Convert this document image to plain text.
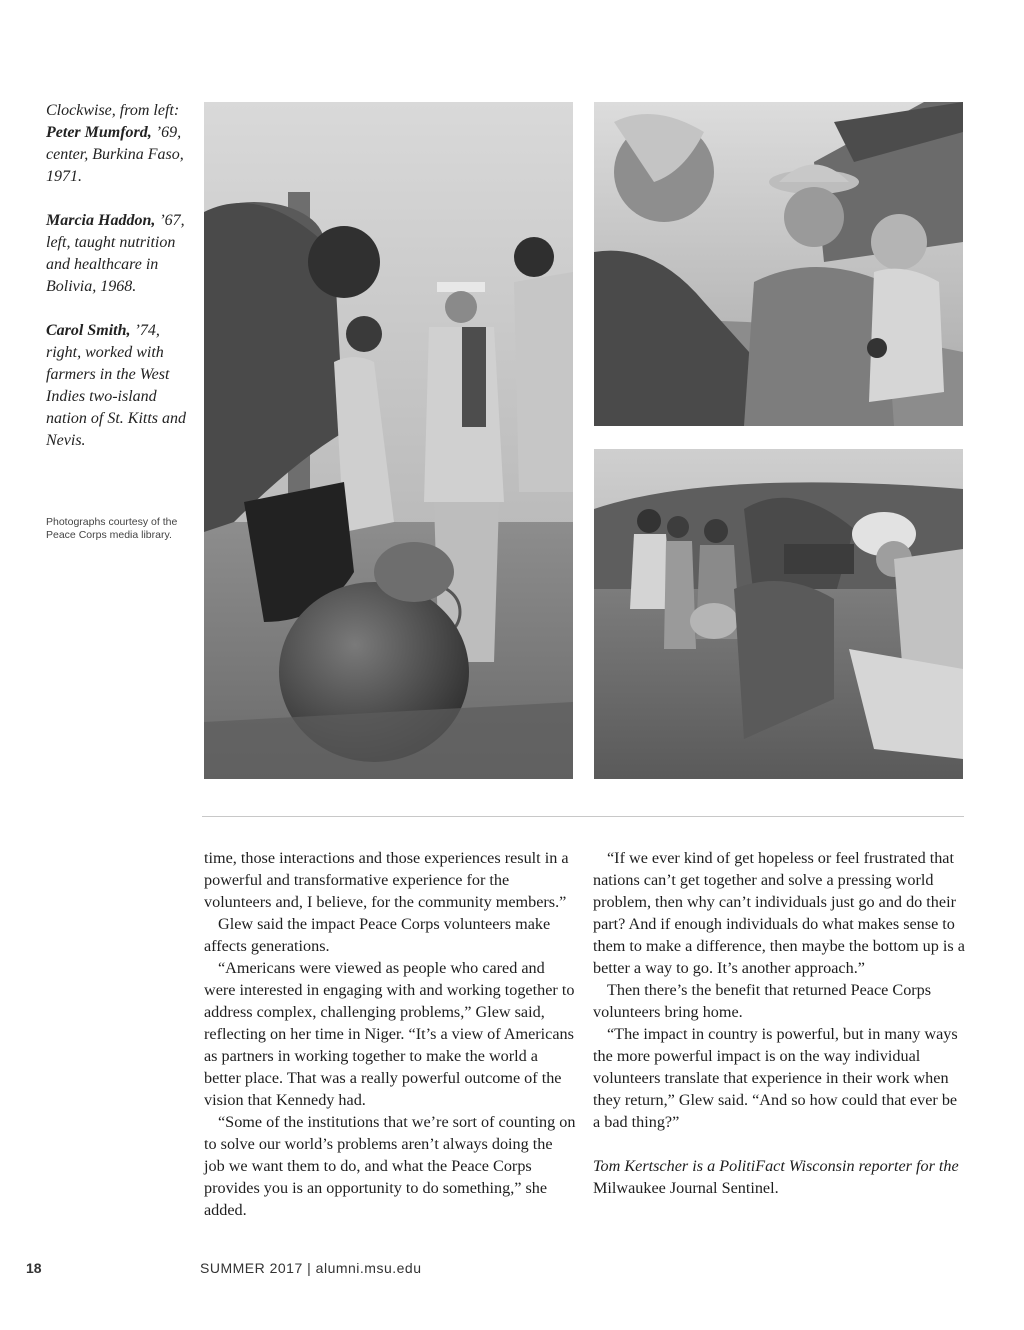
Clockwise, from left:
Peter Mumford, ’69, center, Burkina Faso, 1971.

Marcia Haddon, ’67, left, taught nutrition and healthcare in Bolivia, 1968.

Carol Smith, ’74, right, worked with farmers in the West Indies two-island nation of St. Kitts and Nevis.

Photographs courtesy of the Peace Corps media library.

time, those interactions and those experiences result in a powerful and transformative experience for the volunteers and, I believe, for the community members.”

Glew said the impact Peace Corps volunteers make affects generations.

“Americans were viewed as people who cared and were interested in engaging with and working together to address complex, challenging problems,” Glew said, reflecting on her time in Niger. “It’s a view of Americans as partners in working together to make the world a better place. That was a really powerful outcome of the vision that Kennedy had.

“Some of the institutions that we’re sort of counting on to solve our world’s problems aren’t always doing the job we want them to do, and what the Peace Corps provides you is an opportunity to do something,” she added.

“If we ever kind of get hopeless or feel frustrated that nations can’t get together and solve a pressing world problem, then why can’t individuals just go and do their part? And if enough individuals do what makes sense to them to make a difference, then maybe the bottom up is a better a way to go. It’s another approach.”

Then there’s the benefit that returned Peace Corps volunteers bring home.

“The impact in country is powerful, but in many ways the more powerful impact is on the way individual volunteers translate that experience in their work when they return,” Glew said. “And so how could that ever be a bad thing?”

Tom Kertscher is a PolitiFact Wisconsin reporter for the Milwaukee Journal Sentinel.

18	SUMMER 2017 | alumni.msu.edu
